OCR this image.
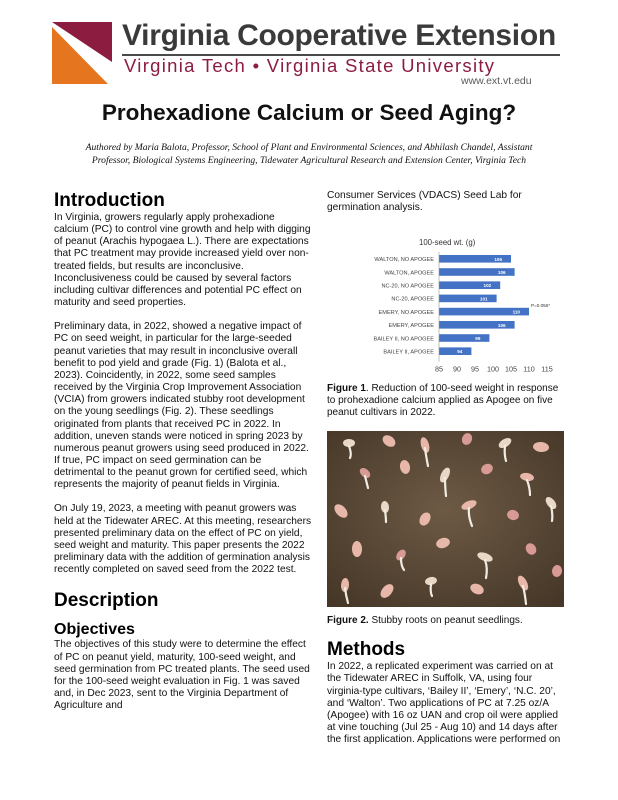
Virginia Cooperative Extension

Virginia Tech • Virginia State University

www.ext.vt.edu

Prohexadione Calcium or Seed Aging?

Authored by Maria Balota, Professor, School of Plant and Environmental Sciences, and Abhilash Chandel, Assistant Professor, Biological Systems Engineering, Tidewater Agricultural Research and Extension Center, Virginia Tech

Introduction

In Virginia, growers regularly apply prohexadione calcium (PC) to control vine growth and help with digging of peanut (Arachis hypogaea L.). There are expectations that PC treatment may provide increased yield over non-treated fields, but results are inconclusive. Inconclusiveness could be caused by several factors including cultivar differences and potential PC effect on maturity and seed properties.

Preliminary data, in 2022, showed a negative impact of PC on seed weight, in particular for the large-seeded peanut varieties that may result in inconclusive overall benefit to pod yield and grade (Fig. 1) (Balota et al., 2023). Coincidently, in 2022, some seed samples received by the Virginia Crop Improvement Association (VCIA) from growers indicated stubby root development on the young seedlings (Fig. 2). These seedlings originated from plants that received PC in 2022. In addition, uneven stands were noticed in spring 2023 by numerous peanut growers using seed produced in 2022. If true, PC impact on seed germination can be detrimental to the peanut grown for certified seed, which represents the majority of peanut fields in Virginia.

On July 19, 2023, a meeting with peanut growers was held at the Tidewater AREC. At this meeting, researchers presented preliminary data on the effect of PC on yield, seed weight and maturity. This paper presents the 2022 preliminary data with the addition of germination analysis recently completed on saved seed from the 2022 test.

Description
Objectives

The objectives of this study were to determine the effect of PC on peanut yield, maturity, 100-seed weight, and seed germination from PC treated plants. The seed used for the 100-seed weight evaluation in Fig. 1 was saved and, in Dec 2023, sent to the Virginia Department of Agriculture and

Consumer Services (VDACS) Seed Lab for germination analysis.

100-seed wt. (g)
WALTON, NO APOGEE	105
WALTON, APOGEE	106
NC-20, NO APOGEE	102
NC-20, APOGEE	101
EMERY, NO APOGEE	110
EMERY, APOGEE	106
BAILEY II, NO APOGEE	99
BAILEY II, APOGEE	94
85 90 95 100 105 110 115
P=0.056*

Figure 1. Reduction of 100-seed weight in response to prohexadione calcium applied as Apogee on five peanut cultivars in 2022.

Figure 2. Stubby roots on peanut seedlings.

Methods

In 2022, a replicated experiment was carried on at the Tidewater AREC in Suffolk, VA, using four virginia-type cultivars, ‘Bailey II’, ‘Emery’, ‘N.C. 20’, and ‘Walton’. Two applications of PC at 7.25 oz/A (Apogee) with 16 oz UAN and crop oil were applied at vine touching (Jul 25 - Aug 10) and 14 days after the first application. Applications were performed on
